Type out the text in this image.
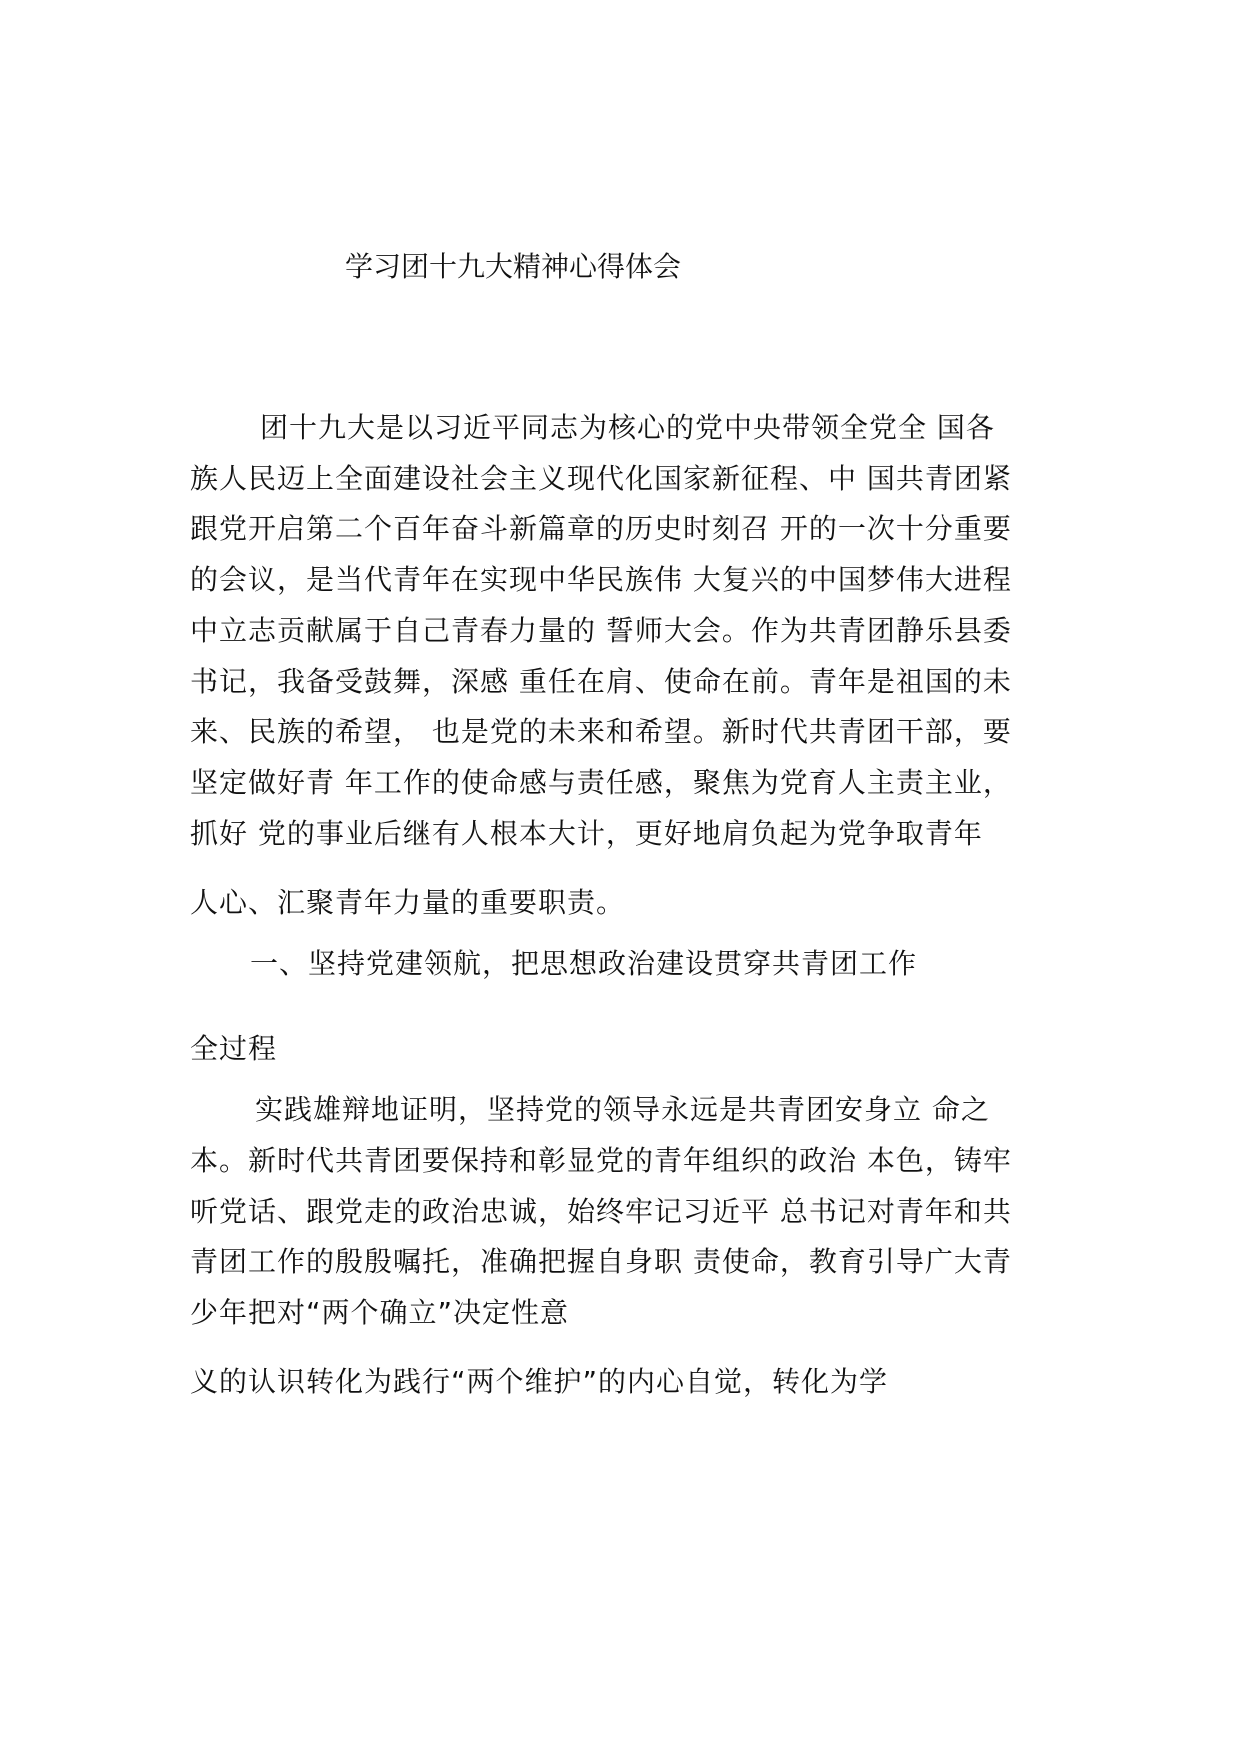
学习团十九大精神心得体会
团十九大是以习近平同志为核心的党中央带领全党全 国各
族人民迈上全面建设社会主义现代化国家新征程、中 国共青团紧
跟党开启第二个百年奋斗新篇章的历史时刻召 开的一次十分重要
的会议，是当代青年在实现中华民族伟 大复兴的中国梦伟大进程
中立志贡献属于自己青春力量的 誓师大会。作为共青团静乐县委
书记，我备受鼓舞，深感 重任在肩、使命在前。青年是祖国的未
来、民族的希望， 也是党的未来和希望。新时代共青团干部，要
坚定做好青 年工作的使命感与责任感，聚焦为党育人主责主业，
抓好 党的事业后继有人根本大计，更好地肩负起为党争取青年
人心、汇聚青年力量的重要职责。
一、坚持党建领航，把思想政治建设贯穿共青团工作
全过程
实践雄辩地证明，坚持党的领导永远是共青团安身立 命之
本。新时代共青团要保持和彰显党的青年组织的政治 本色，铸牢
听党话、跟党走的政治忠诚，始终牢记习近平 总书记对青年和共
青团工作的殷殷嘱托，准确把握自身职 责使命，教育引导广大青
少年把对“两个确立”决定性意
义的认识转化为践行“两个维护”的内心自觉，转化为学
